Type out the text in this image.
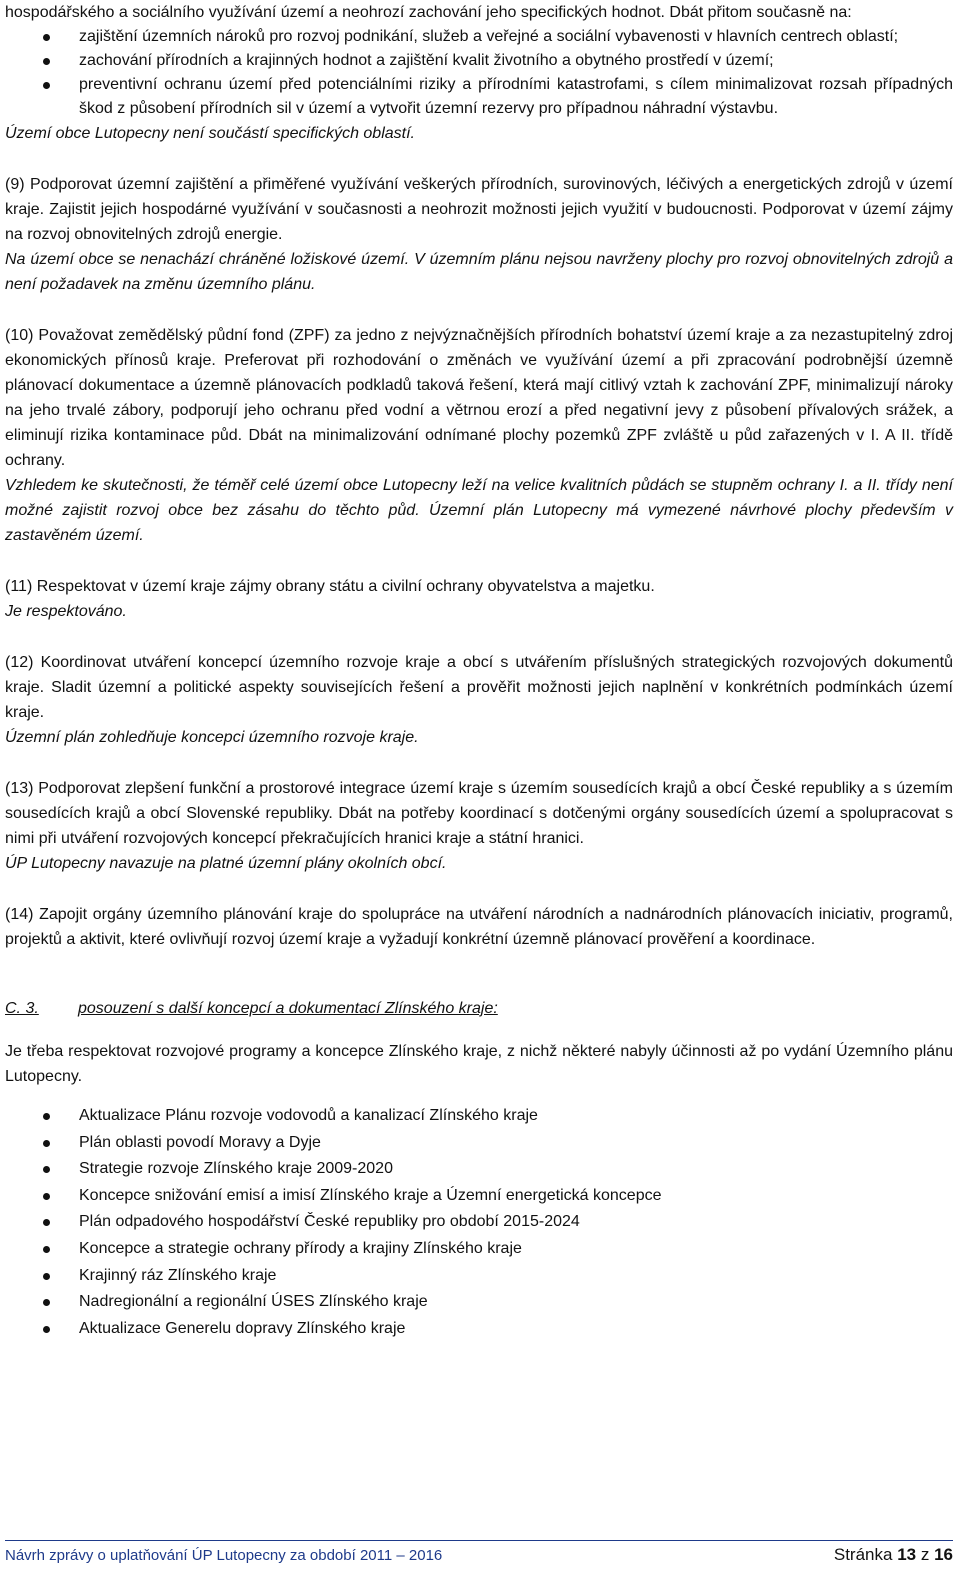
hospodářského a sociálního využívání území a neohrozí zachování jeho specifických hodnot. Dbát přitom současně na:

zajištění územních nároků pro rozvoj podnikání, služeb a veřejné a sociální vybavenosti v hlavních centrech oblastí;
zachování přírodních a krajinných hodnot a zajištění kvalit životního a obytného prostředí v území;
preventivní ochranu území před potenciálními riziky a přírodními katastrofami, s cílem minimalizovat rozsah případných škod z působení přírodních sil v území a vytvořit územní rezervy pro případnou náhradní výstavbu.

Území obce Lutopecny není součástí specifických oblastí.

(9) Podporovat územní zajištění a přiměřené využívání veškerých přírodních, surovinových, léčivých a energetických zdrojů v území kraje. Zajistit jejich hospodárné využívání v současnosti a neohrozit možnosti jejich využití v budoucnosti. Podporovat v území zájmy na rozvoj obnovitelných zdrojů energie.

Na území obce se nenachází chráněné ložiskové území. V územním plánu nejsou navrženy plochy pro rozvoj obnovitelných zdrojů a není požadavek na změnu územního plánu.

(10) Považovat zemědělský půdní fond (ZPF) za jedno z nejvýznačnějších přírodních bohatství území kraje a za nezastupitelný zdroj ekonomických přínosů kraje. Preferovat při rozhodování o změnách ve využívání území a při zpracování podrobnější územně plánovací dokumentace a územně plánovacích podkladů taková řešení, která mají citlivý vztah k zachování ZPF, minimalizují nároky na jeho trvalé zábory, podporují jeho ochranu před vodní a větrnou erozí a před negativní jevy z působení přívalových srážek, a eliminují rizika kontaminace půd. Dbát na minimalizování odnímané plochy pozemků ZPF zvláště u půd zařazených v I. A II. třídě ochrany.

Vzhledem ke skutečnosti, že téměř celé území obce Lutopecny leží na velice kvalitních půdách se stupněm ochrany I. a II. třídy není možné zajistit rozvoj obce bez zásahu do těchto půd. Územní plán Lutopecny má vymezené návrhové plochy především v zastavěném území.

(11) Respektovat v území kraje zájmy obrany státu a civilní ochrany obyvatelstva a majetku.

Je respektováno.

(12) Koordinovat utváření koncepcí územního rozvoje kraje a obcí s utvářením příslušných strategických rozvojových dokumentů kraje. Sladit územní a politické aspekty souvisejících řešení a prověřit možnosti jejich naplnění v konkrétních podmínkách území kraje.

Územní plán zohledňuje koncepci územního rozvoje kraje.

(13) Podporovat zlepšení funkční a prostorové integrace území kraje s územím sousedících krajů a obcí České republiky a s územím sousedících krajů a obcí Slovenské republiky. Dbát na potřeby koordinací s dotčenými orgány sousedících území a spolupracovat s nimi při utváření rozvojových koncepcí překračujících hranici kraje a státní hranici.

ÚP Lutopecny navazuje na platné územní plány okolních obcí.

(14) Zapojit orgány územního plánování kraje do spolupráce na utváření národních a nadnárodních plánovacích iniciativ, programů, projektů a aktivit, které ovlivňují rozvoj území kraje a vyžadují konkrétní územně plánovací prověření a koordinace.

C. 3. posouzení s další koncepcí a dokumentací Zlínského kraje:

Je třeba respektovat rozvojové programy a koncepce Zlínského kraje, z nichž některé nabyly účinnosti až po vydání Územního plánu Lutopecny.

Aktualizace Plánu rozvoje vodovodů a kanalizací Zlínského kraje
Plán oblasti povodí Moravy a Dyje
Strategie rozvoje Zlínského kraje 2009-2020
Koncepce snižování emisí a imisí Zlínského kraje a Územní energetická koncepce
Plán odpadového hospodářství České republiky pro období 2015-2024
Koncepce a strategie ochrany přírody a krajiny Zlínského kraje
Krajinný ráz Zlínského kraje
Nadregionální a regionální ÚSES Zlínského kraje
Aktualizace Generelu dopravy Zlínského kraje
Návrh zprávy o uplatňování ÚP Lutopecny za období 2011 – 2016	Stránka 13 z 16
